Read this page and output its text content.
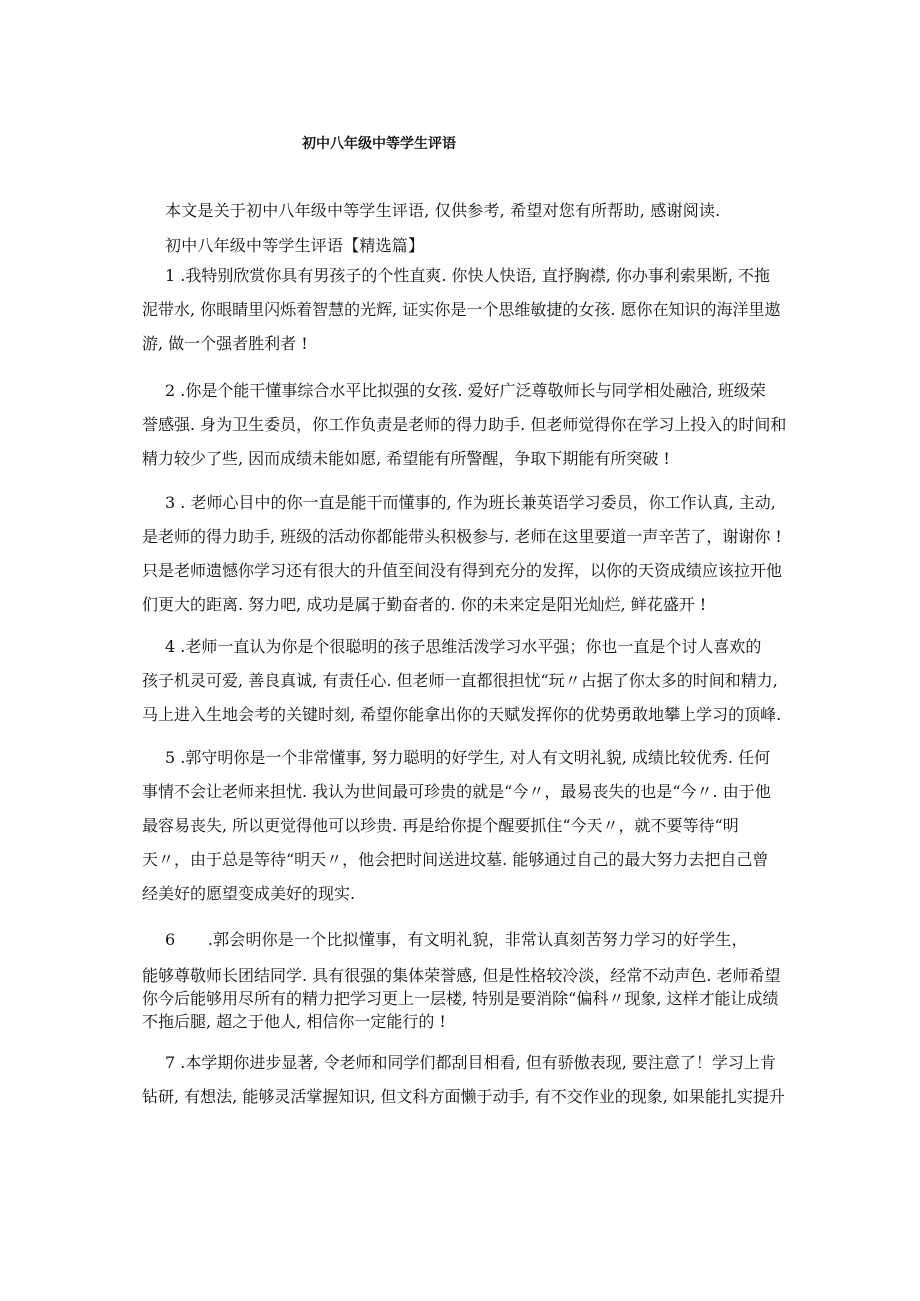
初中八年级中等学生评语
本文是关于初中八年级中等学生评语, 仅供参考, 希望对您有所帮助, 感谢阅读.
初中八年级中等学生评语【精选篇】
1 .我特别欣赏你具有男孩子的个性直爽. 你快人快语, 直抒胸襟, 你办事利索果断, 不拖
泥带水, 你眼睛里闪烁着智慧的光辉, 证实你是一个思维敏捷的女孩. 愿你在知识的海洋里遨
游, 做一个强者胜利者 !
2 .你是个能干懂事综合水平比拟强的女孩. 爱好广泛尊敬师长与同学相处融洽, 班级荣
誉感强. 身为卫生委员，你工作负责是老师的得力助手. 但老师觉得你在学习上投入的时间和
精力较少了些, 因而成绩未能如愿, 希望能有所警醒，争取下期能有所突破 !
3 . 老师心目中的你一直是能干而懂事的, 作为班长兼英语学习委员，你工作认真, 主动,
是老师的得力助手, 班级的活动你都能带头积极参与. 老师在这里要道一声辛苦了，谢谢你 !
只是老师遗憾你学习还有很大的升值至间没有得到充分的发挥，以你的天资成绩应该拉开他
们更大的距离. 努力吧, 成功是属于勤奋者的. 你的未来定是阳光灿烂, 鲜花盛开 !
4 .老师一直认为你是个很聪明的孩子思维活泼学习水平强；你也一直是个讨人喜欢的
孩子机灵可爱, 善良真诚, 有责任心. 但老师一直都很担忧“玩〃占据了你太多的时间和精力,
马上进入生地会考的关键时刻, 希望你能拿出你的天赋发挥你的优势勇敢地攀上学习的顶峰.
5 .郭守明你是一个非常懂事, 努力聪明的好学生, 对人有文明礼貌, 成绩比较优秀. 任何
事情不会让老师来担忧. 我认为世间最可珍贵的就是“今〃，最易丧失的也是“今〃. 由于他
最容易丧失, 所以更觉得他可以珍贵. 再是给你提个醒要抓住“今天〃，就不要等待“明
天〃，由于总是等待“明天〃，他会把时间送进坟墓. 能够通过自己的最大努力去把自己曾
经美好的愿望变成美好的现实.
6　　.郭会明你是一个比拟懂事，有文明礼貌，非常认真刻苦努力学习的好学生，
能够尊敬师长团结同学. 具有很强的集体荣誉感, 但是性格较冷淡，经常不动声色. 老师希望
你今后能够用尽所有的精力把学习更上一层楼, 特别是要消除“偏科〃现象, 这样才能让成绩
不拖后腿, 超之于他人, 相信你一定能行的 !
7 .本学期你进步显著, 令老师和同学们都刮目相看, 但有骄傲表现, 要注意了！学习上肯
钻研, 有想法, 能够灵活掌握知识, 但文科方面懒于动手, 有不交作业的现象, 如果能扎实提升
